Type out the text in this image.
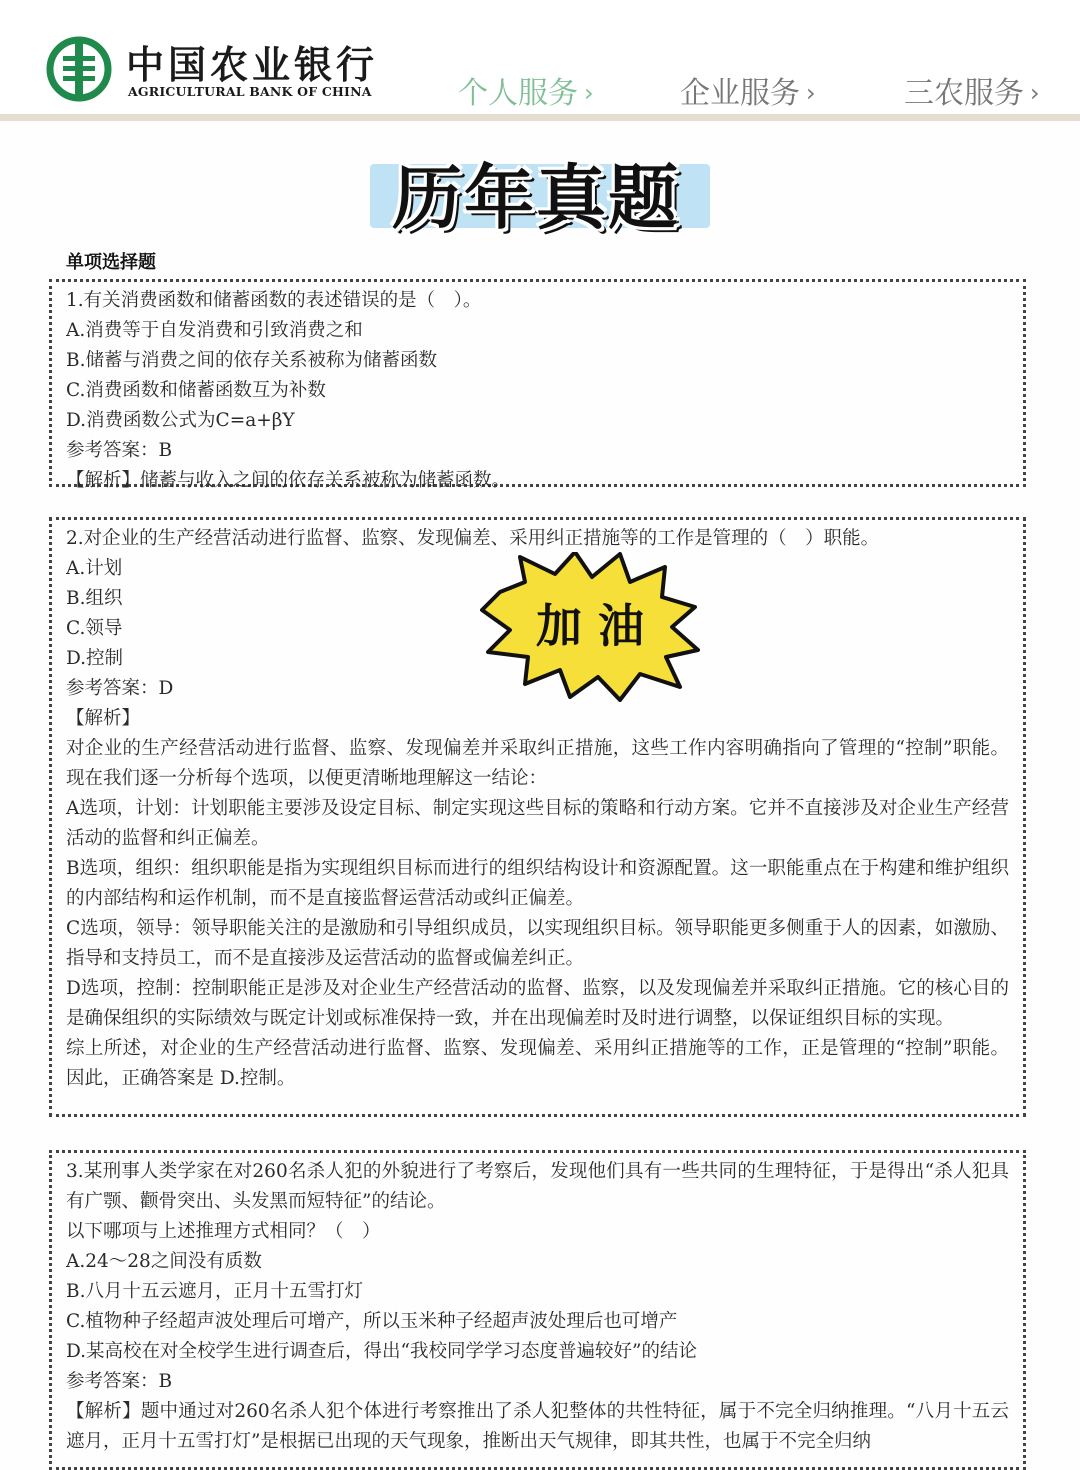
中国农业银行
AGRICULTURAL BANK OF CHINA	个人服务 ›	企业服务 ›	三农服务 ›
历年真题
单项选择题
1.有关消费函数和储蓄函数的表述错误的是（　）。
A.消费等于自发消费和引致消费之和
B.储蓄与消费之间的依存关系被称为储蓄函数
C.消费函数和储蓄函数互为补数
D.消费函数公式为C=a+βY
参考答案：B
【解析】储蓄与收入之间的依存关系被称为储蓄函数。
2.对企业的生产经营活动进行监督、监察、发现偏差、采用纠正措施等的工作是管理的（　）职能。
A.计划
B.组织
C.领导
D.控制
参考答案：D
【解析】
对企业的生产经营活动进行监督、监察、发现偏差并采取纠正措施，这些工作内容明确指向了管理的“控制”职能。现在我们逐一分析每个选项，以便更清晰地理解这一结论：
A选项，计划：计划职能主要涉及设定目标、制定实现这些目标的策略和行动方案。它并不直接涉及对企业生产经营活动的监督和纠正偏差。
B选项，组织：组织职能是指为实现组织目标而进行的组织结构设计和资源配置。这一职能重点在于构建和维护组织的内部结构和运作机制，而不是直接监督运营活动或纠正偏差。
C选项，领导：领导职能关注的是激励和引导组织成员，以实现组织目标。领导职能更多侧重于人的因素，如激励、指导和支持员工，而不是直接涉及运营活动的监督或偏差纠正。
D选项，控制：控制职能正是涉及对企业生产经营活动的监督、监察，以及发现偏差并采取纠正措施。它的核心目的是确保组织的实际绩效与既定计划或标准保持一致，并在出现偏差时及时进行调整，以保证组织目标的实现。
综上所述，对企业的生产经营活动进行监督、监察、发现偏差、采用纠正措施等的工作，正是管理的“控制”职能。因此，正确答案是 D.控制。
加 油
3.某刑事人类学家在对260名杀人犯的外貌进行了考察后，发现他们具有一些共同的生理特征，于是得出“杀人犯具有广颚、颧骨突出、头发黑而短特征”的结论。
以下哪项与上述推理方式相同？（　）
A.24～28之间没有质数
B.八月十五云遮月，正月十五雪打灯
C.植物种子经超声波处理后可增产，所以玉米种子经超声波处理后也可增产
D.某高校在对全校学生进行调查后，得出“我校同学学习态度普遍较好”的结论
参考答案：B
【解析】题中通过对260名杀人犯个体进行考察推出了杀人犯整体的共性特征，属于不完全归纳推理。“八月十五云遮月，正月十五雪打灯”是根据已出现的天气现象，推断出天气规律，即其共性，也属于不完全归纳
